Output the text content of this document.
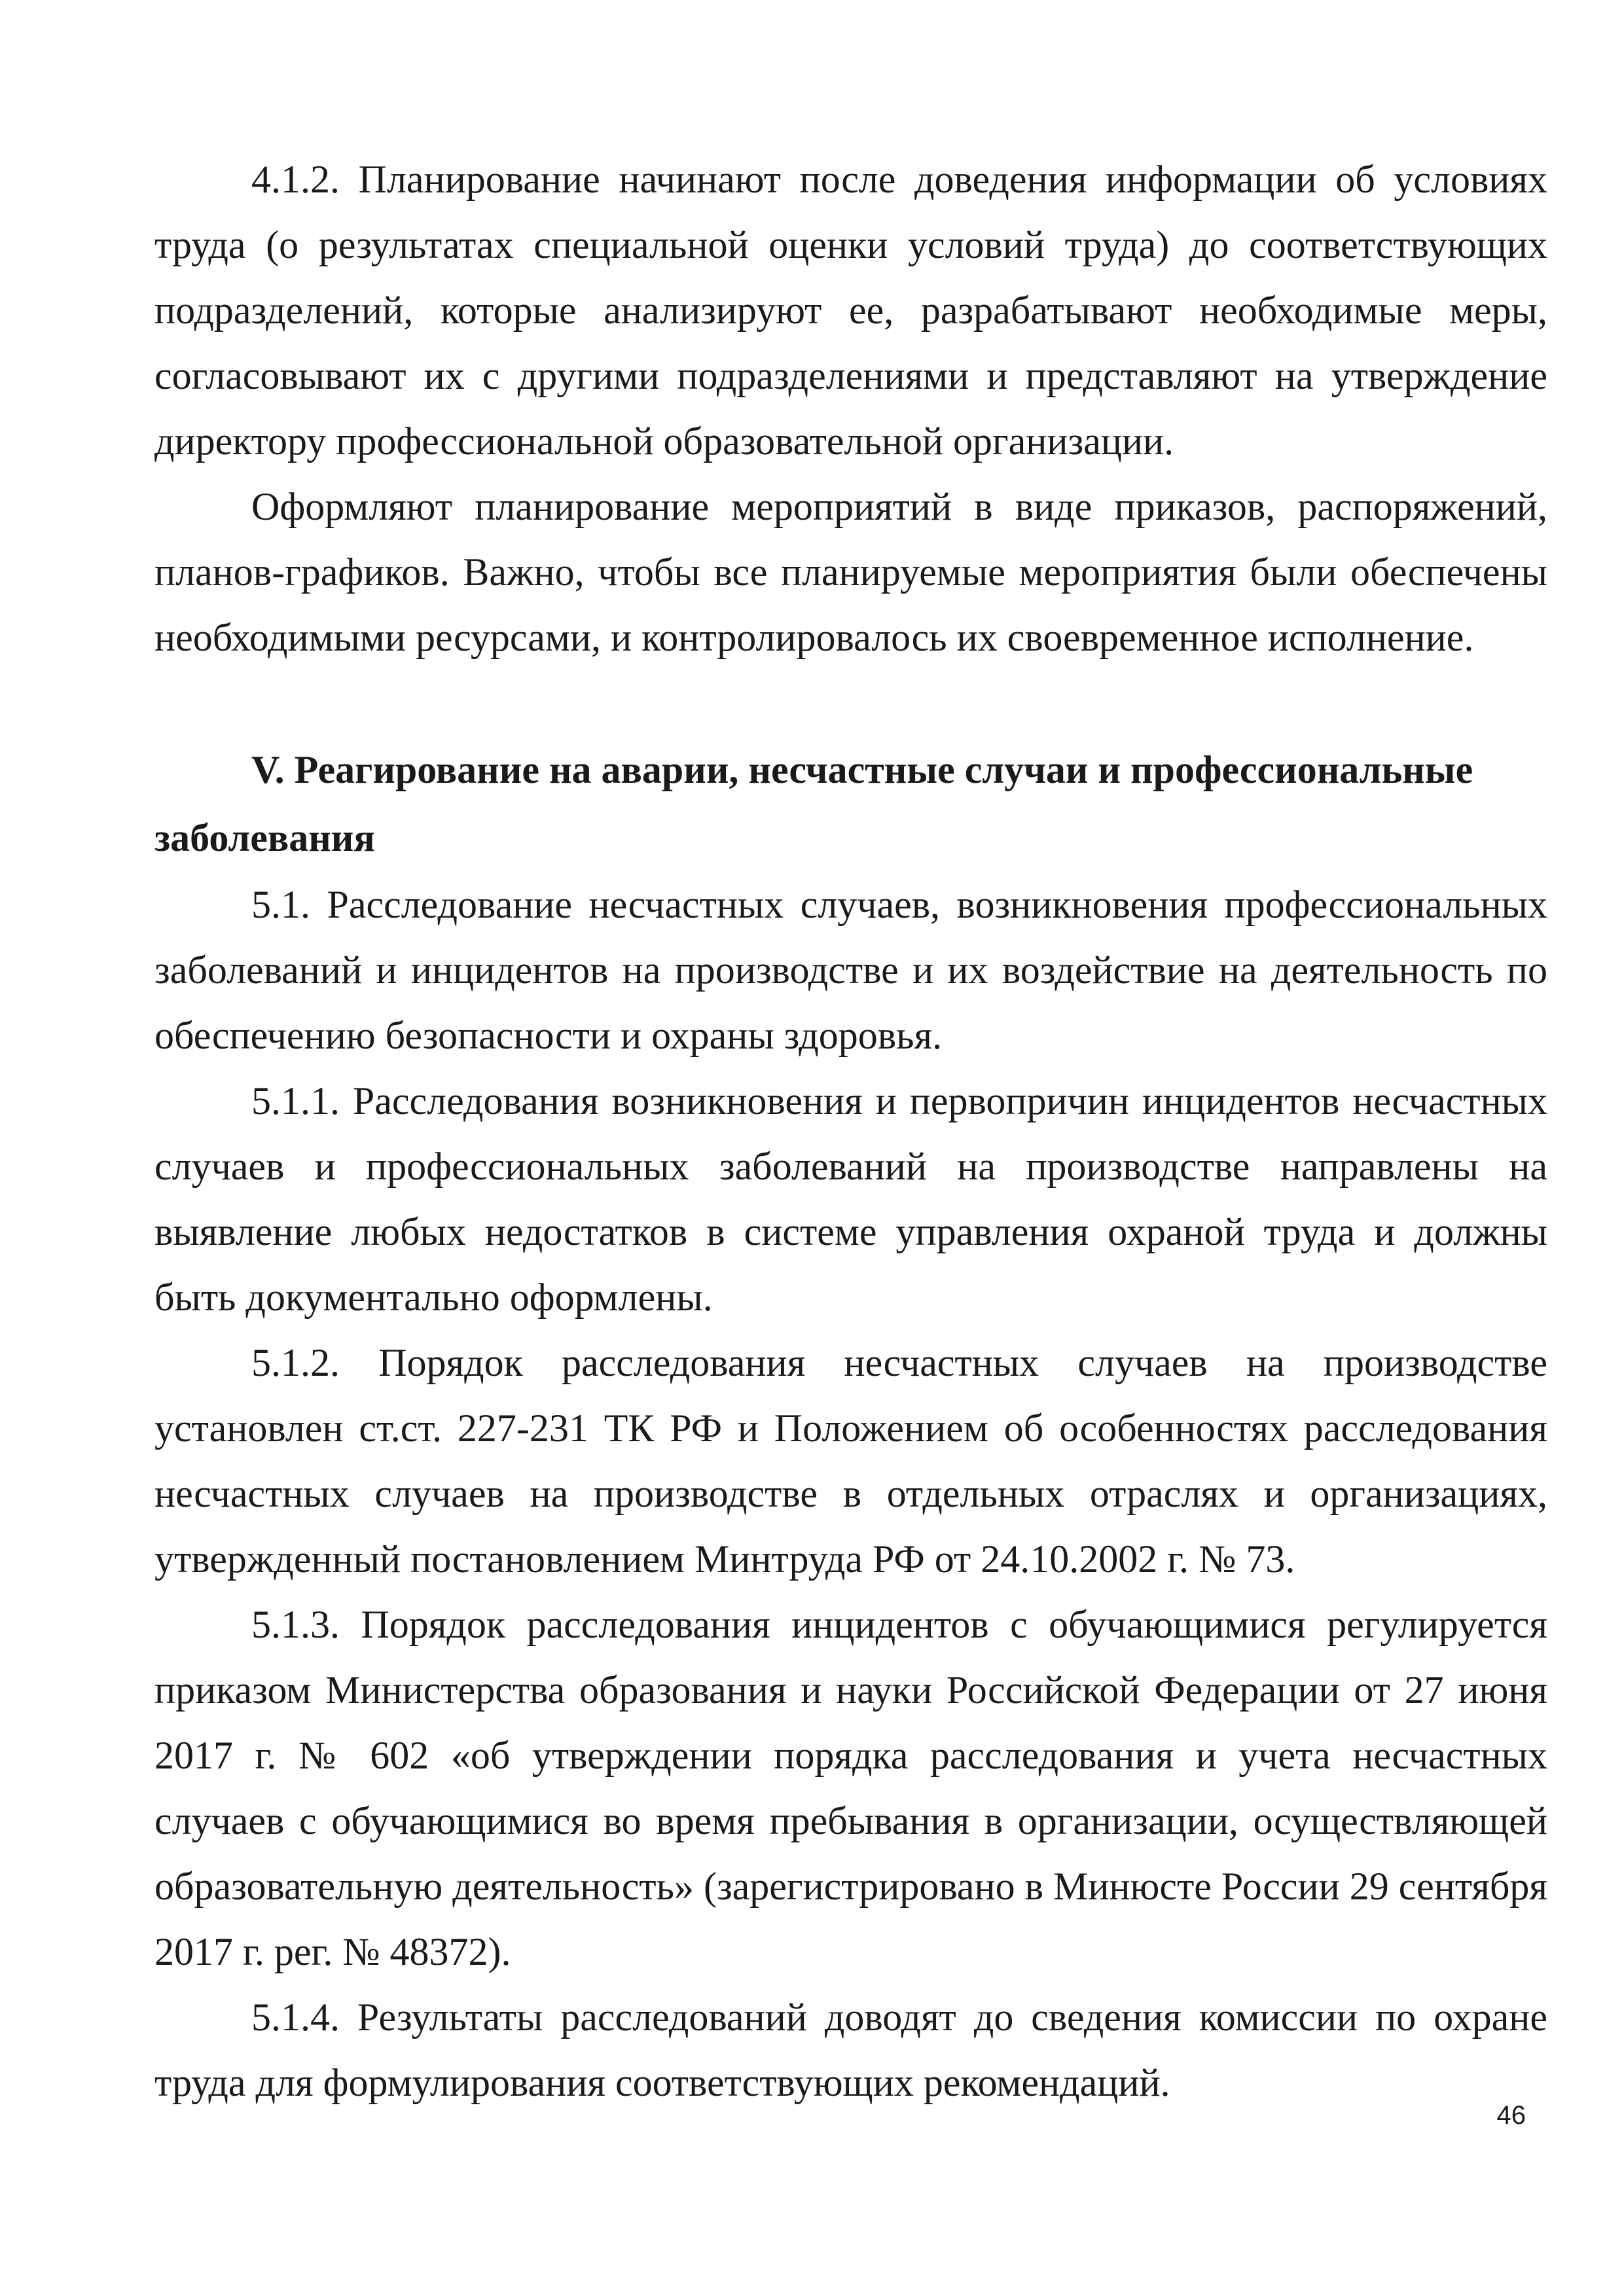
4.1.2. Планирование начинают после доведения информации об условиях труда (о результатах специальной оценки условий труда) до соответствующих подразделений, которые анализируют ее, разрабатывают необходимые меры, согласовывают их с другими подразделениями и представляют на утверждение директору профессиональной образовательной организации.

Оформляют планирование мероприятий в виде приказов, распоряжений, планов-графиков. Важно, чтобы все планируемые мероприятия были обеспечены необходимыми ресурсами, и контролировалось их своевременное исполнение.

V. Реагирование на аварии, несчастные случаи и профессиональные заболевания

5.1. Расследование несчастных случаев, возникновения профессиональных заболеваний и инцидентов на производстве и их воздействие на деятельность по обеспечению безопасности и охраны здоровья.

5.1.1. Расследования возникновения и первопричин инцидентов несчастных случаев и профессиональных заболеваний на производстве направлены на выявление любых недостатков в системе управления охраной труда и должны быть документально оформлены.

5.1.2. Порядок расследования несчастных случаев на производстве установлен ст.ст. 227-231 ТК РФ и Положением об особенностях расследования несчастных случаев на производстве в отдельных отраслях и организациях, утвержденный постановлением Минтруда РФ от 24.10.2002 г. № 73.

5.1.3. Порядок расследования инцидентов с обучающимися регулируется приказом Министерства образования и науки Российской Федерации от 27 июня 2017 г. № 602 «об утверждении порядка расследования и учета несчастных случаев с обучающимися во время пребывания в организации, осуществляющей образовательную деятельность» (зарегистрировано в Минюсте России 29 сентября 2017 г. рег. № 48372).

5.1.4. Результаты расследований доводят до сведения комиссии по охране труда для формулирования соответствующих рекомендаций.

46
